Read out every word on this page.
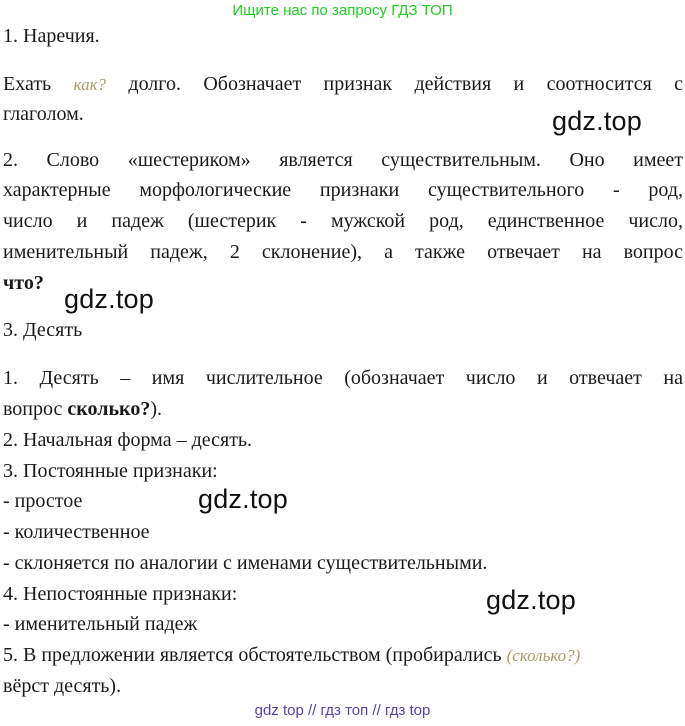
Ищите нас по запросу ГДЗ ТОП
1. Наречия.
Ехать как? долго. Обозначает признак действия и соотносится с
глаголом.
2. Слово «шестериком» является существительным. Оно имеет
характерные морфологические признаки существительного - род,
число и падеж (шестерик - мужской род, единственное число,
именительный падеж, 2 склонение), а также отвечает на вопрос
что?
3. Десять
1. Десять – имя числительное (обозначает число и отвечает на
вопрос сколько?).
2. Начальная форма – десять.
3. Постоянные признаки:
- простое
- количественное
- склоняется по аналогии с именами существительными.
4. Непостоянные признаки:
- именительный падеж
5. В предложении является обстоятельством (пробирались (сколько?)
вёрст десять).
gdz.top
gdz.top
gdz.top
gdz.top
gdz top // гдз топ // гдз top
